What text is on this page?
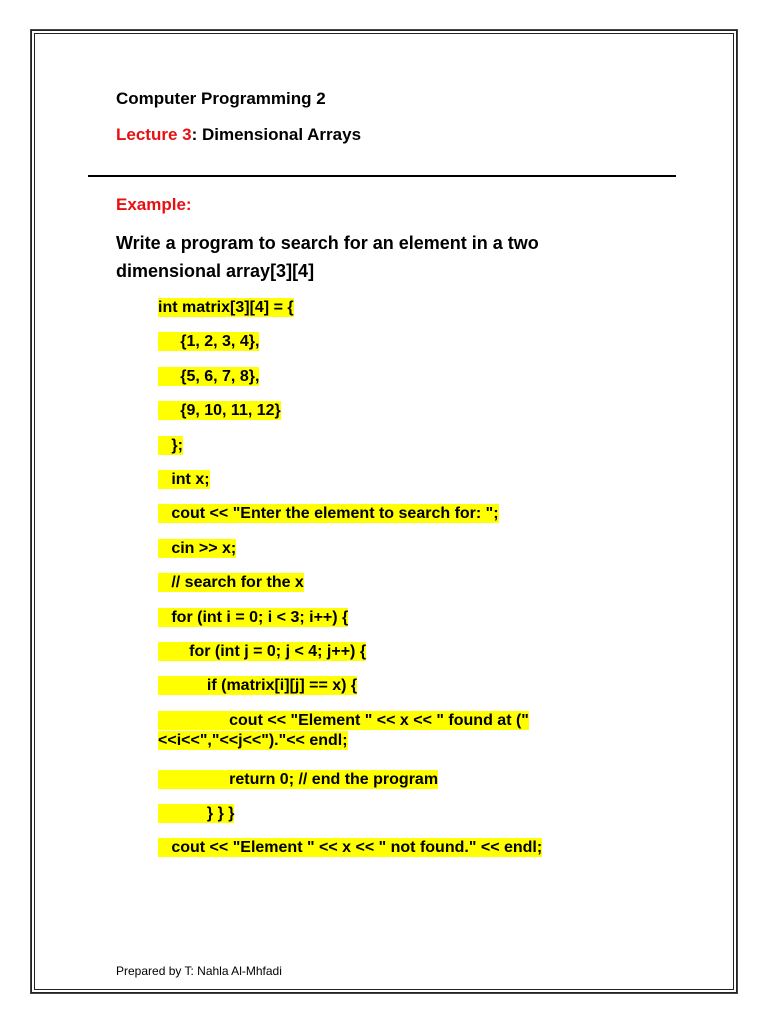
Computer Programming 2
Lecture 3: Dimensional Arrays
Example:
Write a program to search for an element in a two dimensional array[3][4]
int matrix[3][4] = {
{1, 2, 3, 4},
{5, 6, 7, 8},
{9, 10, 11, 12}
};
int x;
cout << "Enter the element to search for: ";
cin >> x;
// search for the x
for (int i = 0; i < 3; i++) {
for (int j = 0; j < 4; j++) {
if (matrix[i][j] == x) {
cout << "Element " << x << " found at ("<<i<<","<<j<<")."<< endl;
return 0; // end the program
} } }
cout << "Element " << x << " not found." << endl;
Prepared by T: Nahla Al-Mhfadi
